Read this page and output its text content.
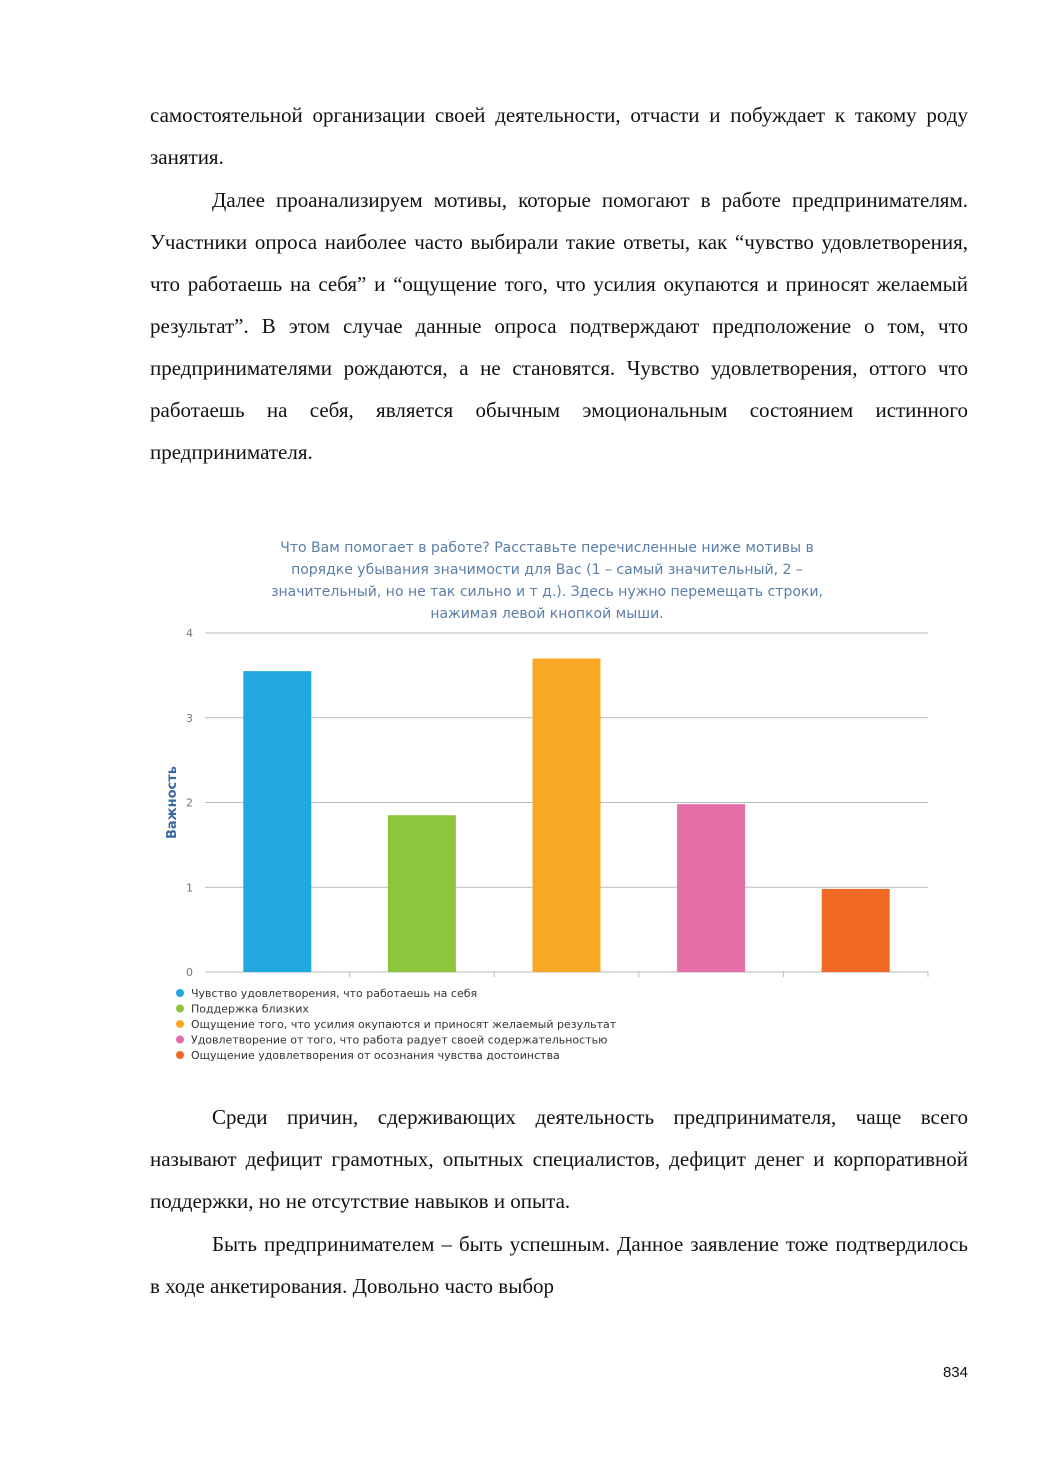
самостоятельной организации своей деятельности, отчасти и побуждает к такому роду занятия.

Далее проанализируем мотивы, которые помогают в работе предпринимателям. Участники опроса наиболее часто выбирали такие ответы, как “чувство удовлетворения, что работаешь на себя” и “ощущение того, что усилия окупаются и приносят желаемый результат”. В этом случае данные опроса подтверждают предположение о том, что предпринимателями рождаются, а не становятся. Чувство удовлетворения, оттого что работаешь на себя, является обычным эмоциональным состоянием истинного предпринимателя.

Что Вам помогает в работе? Расставьте перечисленные ниже мотивы в
порядке убывания значимости для Вас (1 – самый значительный, 2 –
значительный, но не так сильно и т д.). Здесь нужно перемещать строки,
нажимая левой кнопкой мыши.
0
1
2
3
4
Важность
Чувство удовлетворения, что работаешь на себя
Поддержка близких
Ощущение того, что усилия окупаются и приносят желаемый результат
Удовлетворение от того, что работа радует своей содержательностью
Ощущение удовлетворения от осознания чувства достоинства

Среди причин, сдерживающих деятельность предпринимателя, чаще всего называют дефицит грамотных, опытных специалистов, дефицит денег и корпоративной поддержки, но не отсутствие навыков и опыта.

Быть предпринимателем – быть успешным. Данное заявление тоже подтвердилось в ходе анкетирования. Довольно часто выбор

834
